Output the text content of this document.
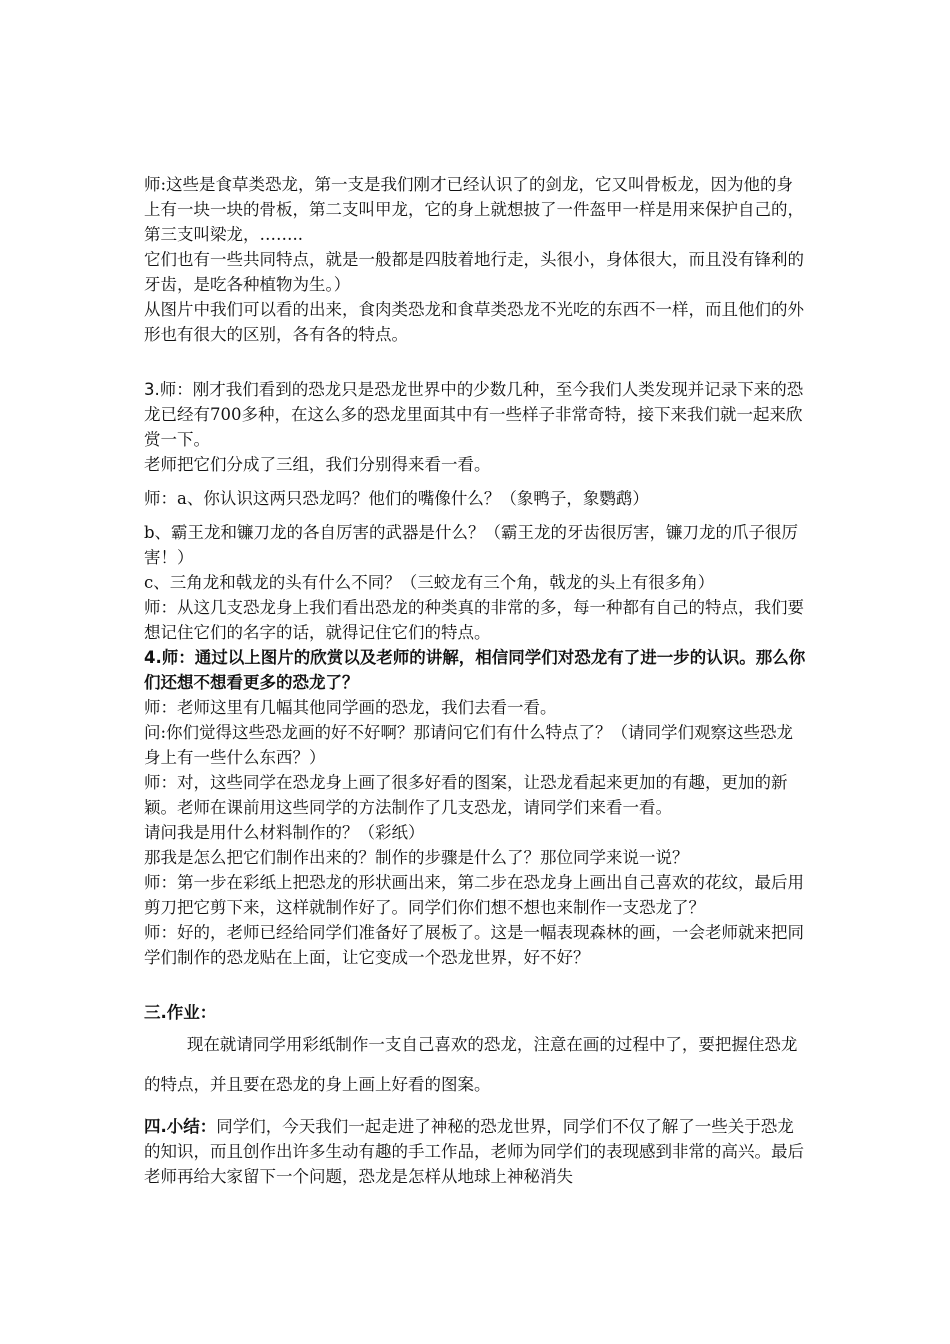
师:这些是食草类恐龙，第一支是我们刚才已经认识了的剑龙，它又叫骨板龙，因为他的身上有一块一块的骨板，第二支叫甲龙，它的身上就想披了一件盔甲一样是用来保护自己的，第三支叫梁龙，……..

它们也有一些共同特点，就是一般都是四肢着地行走，头很小，身体很大，而且没有锋利的牙齿，是吃各种植物为生。）

从图片中我们可以看的出来，食肉类恐龙和食草类恐龙不光吃的东西不一样，而且他们的外形也有很大的区别，各有各的特点。

3.师：刚才我们看到的恐龙只是恐龙世界中的少数几种，至今我们人类发现并记录下来的恐龙已经有700多种，在这么多的恐龙里面其中有一些样子非常奇特，接下来我们就一起来欣赏一下。

老师把它们分成了三组，我们分别得来看一看。

师：a、你认识这两只恐龙吗？他们的嘴像什么？（象鸭子，象鹦鹉）

b、霸王龙和镰刀龙的各自厉害的武器是什么？（霸王龙的牙齿很厉害，镰刀龙的爪子很厉害！）

c、三角龙和戟龙的头有什么不同？（三蛟龙有三个角，戟龙的头上有很多角）

师：从这几支恐龙身上我们看出恐龙的种类真的非常的多，每一种都有自己的特点，我们要想记住它们的名字的话，就得记住它们的特点。

4.师：通过以上图片的欣赏以及老师的讲解，相信同学们对恐龙有了进一步的认识。那么你们还想不想看更多的恐龙了？

师：老师这里有几幅其他同学画的恐龙，我们去看一看。

问:你们觉得这些恐龙画的好不好啊？那请问它们有什么特点了？（请同学们观察这些恐龙身上有一些什么东西？）

师：对，这些同学在恐龙身上画了很多好看的图案，让恐龙看起来更加的有趣，更加的新颖。老师在课前用这些同学的方法制作了几支恐龙，请同学们来看一看。

请问我是用什么材料制作的？（彩纸）

那我是怎么把它们制作出来的？制作的步骤是什么了？那位同学来说一说？

师：第一步在彩纸上把恐龙的形状画出来，第二步在恐龙身上画出自己喜欢的花纹，最后用剪刀把它剪下来，这样就制作好了。同学们你们想不想也来制作一支恐龙了？

师：好的，老师已经给同学们准备好了展板了。这是一幅表现森林的画，一会老师就来把同学们制作的恐龙贴在上面，让它变成一个恐龙世界，好不好？

三.作业：

现在就请同学用彩纸制作一支自己喜欢的恐龙，注意在画的过程中了，要把握住恐龙的特点，并且要在恐龙的身上画上好看的图案。

四.小结：同学们，今天我们一起走进了神秘的恐龙世界，同学们不仅了解了一些关于恐龙的知识，而且创作出许多生动有趣的手工作品，老师为同学们的表现感到非常的高兴。最后老师再给大家留下一个问题，恐龙是怎样从地球上神秘消失
